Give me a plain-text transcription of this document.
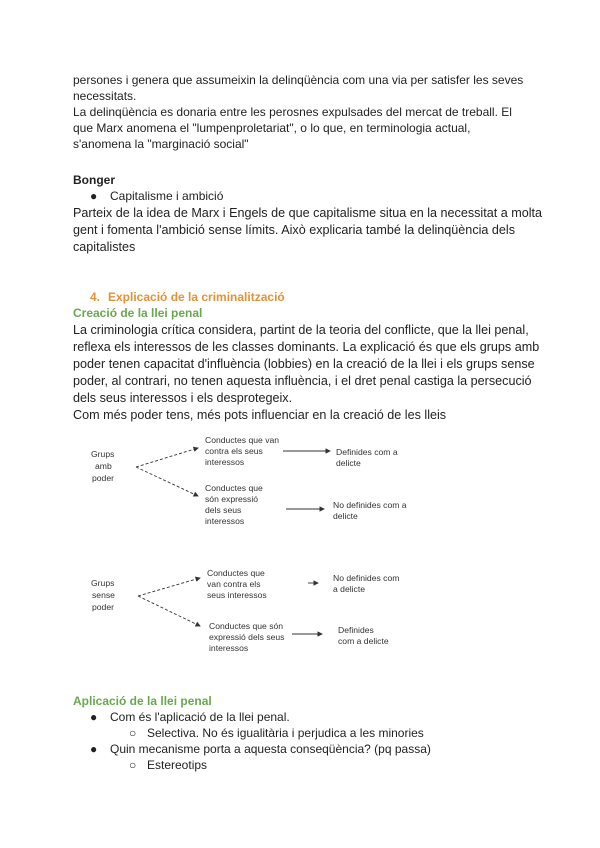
persones i genera que assumeixin la delinqüència com una via per satisfer les seves

necessitats.

La delinqüència es donaria entre les perosnes expulsades del mercat de treball. El

que Marx anomena el "lumpenproletariat", o lo que, en terminologia actual,

s'anomena la "marginació social"

Bonger
● Capitalisme i ambició

Parteix de la idea de Marx i Engels de que capitalisme situa en la necessitat a molta

gent i fomenta l'ambició sense límits. Això explicaria també la delinqüència dels

capitalistes

4. Explicació de la criminalització
Creació de la llei penal

La criminologia crítica considera, partint de la teoria del conflicte, que la llei penal,

reflexa els interessos de les classes dominants. La explicació és que els grups amb

poder tenen capacitat d'influència (lobbies) en la creació de la llei i els grups sense

poder, al contrari, no tenen aquesta influència, i el dret penal castiga la persecució

dels seus interessos i els desprotegeix.

Com més poder tens, més pots influenciar en la creació de les lleis

Grups
amb
poder
Conductes que van
contra els seus
interessos
Definides com a
delicte
Conductes que
són expressió
dels seus
interessos
No definides com a
delicte
Grups
sense
poder
Conductes que
van contra els
seus interessos
No definides com
a delicte
Conductes que són
expressió dels seus
interessos
Definides
com a delicte
Aplicació de la llei penal
● Com és l'aplicació de la llei penal.
○ Selectiva. No és igualitària i perjudica a les minories
● Quin mecanisme porta a aquesta conseqüència? (pq passa)
○ Estereotips
